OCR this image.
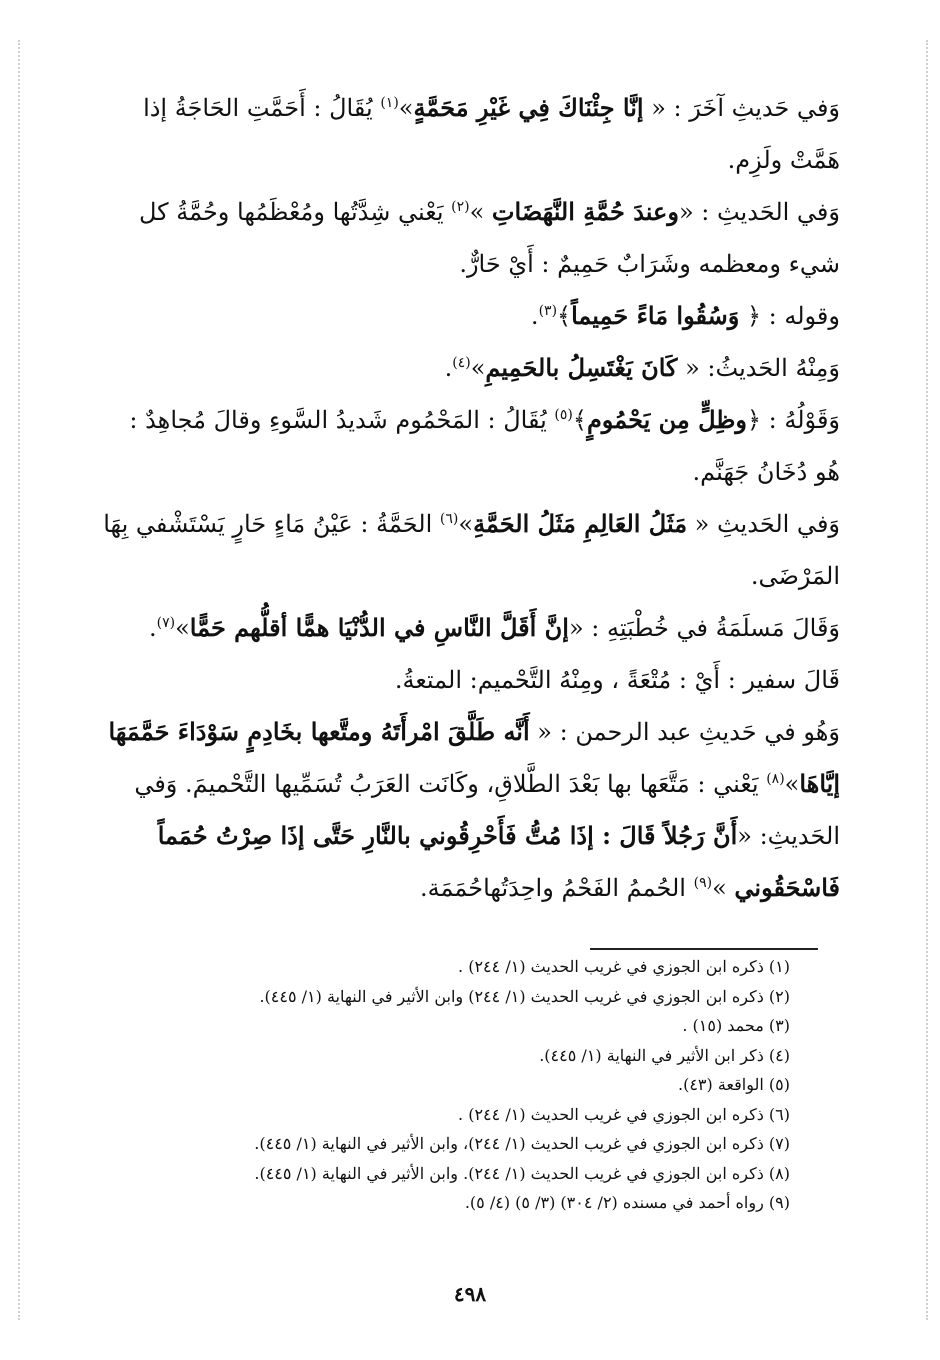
وَفي حَديثِ آخَرَ : « إنَّا جِئْنَاكَ فِي غَيْرِ مَحَمَّةٍ»$^{(١)}$ يُقَالُ : أَحَمَّتِ الحَاجَةُ إذا هَمَّتْ ولَزِم.

وَفي الحَديثِ : «وعندَ حُمَّةِ النَّهَضَاتِ »$^{(٢)}$ يَعْني شِدَّتُها ومُعْظَمُها وحُمَّةُ كل شيء ومعظمه وشَرَابٌ حَمِيمٌ : أَيْ حَارٌّ.

وقوله : ﴿ وَسُقُوا مَاءً حَمِيماً﴾$^{(٣)}$.

وَمِنْهُ الحَديثُ: « كَانَ يَغْتَسِلُ بالحَمِيمِ»$^{(٤)}$.

وَقَوْلُهُ : ﴿وظِلٍّ مِن يَحْمُومٍ﴾$^{(٥)}$ يُقَالُ : المَحْمُوم شَديدُ السَّوءِ وقالَ مُجاهِدٌ : هُو دُخَانُ جَهَنَّم.

وَفي الحَديثِ « مَثَلُ العَالِمِ مَثَلُ الحَمَّةِ»$^{(٦)}$ الحَمَّةُ : عَيْنُ مَاءٍ حَارٍ يَسْتَشْفي بِهَا المَرْضَى.

وَقَالَ مَسلَمَةُ في خُطْبَتِهِ : «إنَّ أَقَلَّ النَّاسِ في الدُّنْيَا همًّا أقلُّهم حَمًّا»$^{(٧)}$.

قَالَ سفير : أَيْ : مُتْعَةً ، ومِنْهُ التَّحْميم: المتعةُ.

وَهُو في حَديثِ عبد الرحمن : « أَنَّه طَلَّقَ امْرأَتَهُ ومتَّعها بخَادِمٍ سَوْدَاءَ حَمَّمَهَا إيَّاهَا»$^{(٨)}$ يَعْني : مَتَّعَها بها بَعْدَ الطَّلاقِ، وكَانَت العَرَبُ تُسَمِّيها التَّحْميمَ. وَفي الحَديثِ: «أَنَّ رَجُلاً قَالَ : إذَا مُتُّ فَأَحْرِقُوني بالنَّارِ حَتَّى إذَا صِرْتُ حُمَماً فَاسْحَقُوني »$^{(٩)}$ الحُممُ الفَحْمُ واحِدَتُهاحُمَمَة.

(١) ذكره ابن الجوزي في غريب الحديث (١/ ٢٤٤) .

(٢) ذكره ابن الجوزي في غريب الحديث (١/ ٢٤٤) وابن الأثير في النهاية (١/ ٤٤٥).

(٣) محمد (١٥) .

(٤) ذكر ابن الأثير في النهاية (١/ ٤٤٥).

(٥) الواقعة (٤٣).

(٦) ذكره ابن الجوزي في غريب الحديث (١/ ٢٤٤) .

(٧) ذكره ابن الجوزي في غريب الحديث (١/ ٢٤٤)، وابن الأثير في النهاية (١/ ٤٤٥).

(٨) ذكره ابن الجوزي في غريب الحديث (١/ ٢٤٤). وابن الأثير في النهاية (١/ ٤٤٥).

(٩) رواه أحمد في مسنده (٢/ ٣٠٤) (٣/ ٥) (٤/ ٥).

٤٩٨
